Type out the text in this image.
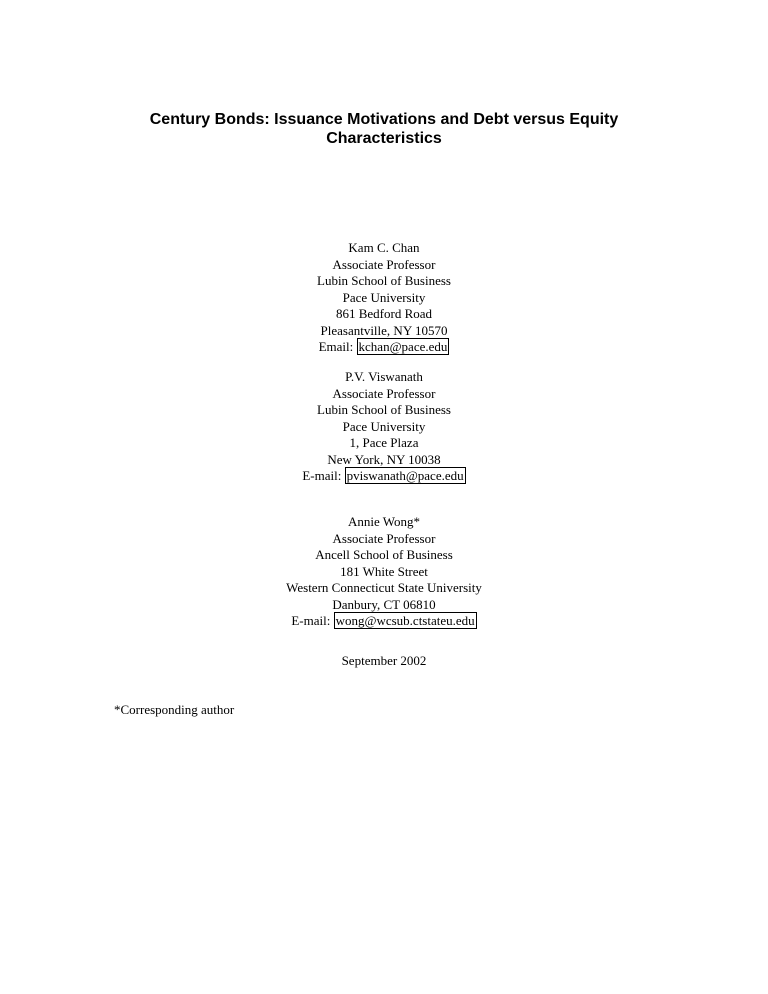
Century Bonds: Issuance Motivations and Debt versus Equity
Characteristics
Kam C. Chan
Associate Professor
Lubin School of Business
Pace University
861 Bedford Road
Pleasantville, NY 10570
Email: kchan@pace.edu
P.V. Viswanath
Associate Professor
Lubin School of Business
Pace University
1, Pace Plaza
New York, NY 10038
E-mail: pviswanath@pace.edu
Annie Wong*
Associate Professor
Ancell School of Business
181 White Street
Western Connecticut State University
Danbury, CT 06810
E-mail: wong@wcsub.ctstateu.edu
September 2002
*Corresponding author
